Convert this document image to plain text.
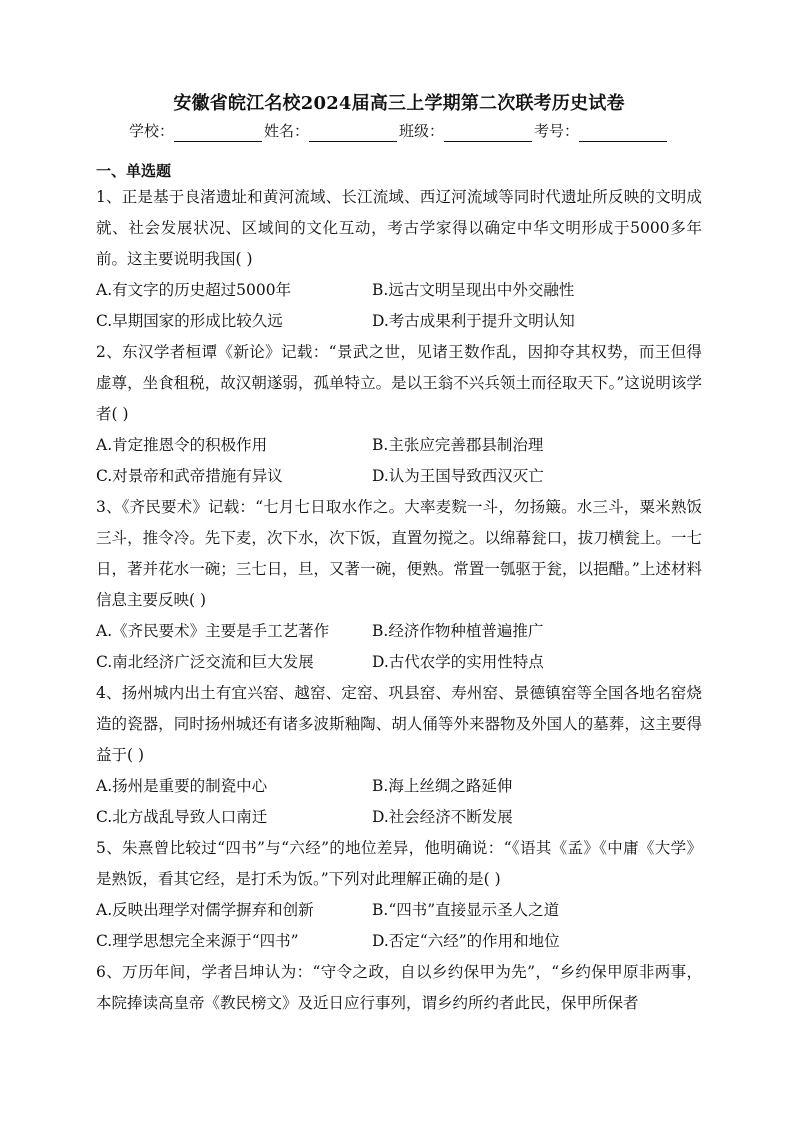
安徽省皖江名校2024届高三上学期第二次联考历史试卷
学校：	姓名：	班级：	考号：
一、单选题

1、正是基于良渚遗址和黄河流域、长江流域、西辽河流域等同时代遗址所反映的文明成就、社会发展状况、区域间的文化互动，考古学家得以确定中华文明形成于5000多年前。这主要说明我国( )

A.有文字的历史超过5000年	B.远古文明呈现出中外交融性
C.早期国家的形成比较久远	D.考古成果利于提升文明认知

2、东汉学者桓谭《新论》记载：“景武之世，见诸王数作乱，因抑夺其权势，而王但得虚尊，坐食租税，故汉朝遂弱，孤单特立。是以王翁不兴兵领土而径取天下。”这说明该学者( )

A.肯定推恩令的积极作用	B.主张应完善郡县制治理
C.对景帝和武帝措施有异议	D.认为王国导致西汉灭亡

3、《齐民要术》记载：“七月七日取水作之。大率麦䴷一斗，勿扬簸。水三斗，粟米熟饭三斗，推令冷。先下麦，次下水，次下饭，直置勿搅之。以绵幕瓮口，拔刀横瓮上。一七日，著并花水一碗；三七日，旦，又著一碗，便熟。常置一瓠驱于瓮，以挹醋。”上述材料信息主要反映( )

A.《齐民要术》主要是手工艺著作	B.经济作物种植普遍推广
C.南北经济广泛交流和巨大发展	D.古代农学的实用性特点

4、扬州城内出土有宜兴窑、越窑、定窑、巩县窑、寿州窑、景德镇窑等全国各地名窑烧造的瓷器，同时扬州城还有诸多波斯釉陶、胡人俑等外来器物及外国人的墓葬，这主要得益于( )

A.扬州是重要的制瓷中心	B.海上丝绸之路延伸
C.北方战乱导致人口南迁	D.社会经济不断发展

5、朱熹曾比较过“四书”与“六经”的地位差异，他明确说：“《语其《孟》《中庸《大学》是熟饭，看其它经，是打禾为饭。”下列对此理解正确的是( )

A.反映出理学对儒学摒弃和创新	B.“四书”直接显示圣人之道
C.理学思想完全来源于“四书”	D.否定“六经”的作用和地位

6、万历年间，学者吕坤认为：“守令之政，自以乡约保甲为先”，“乡约保甲原非两事，本院捧读高皇帝《教民榜文》及近日应行事列，谓乡约所约者此民，保甲所保者
